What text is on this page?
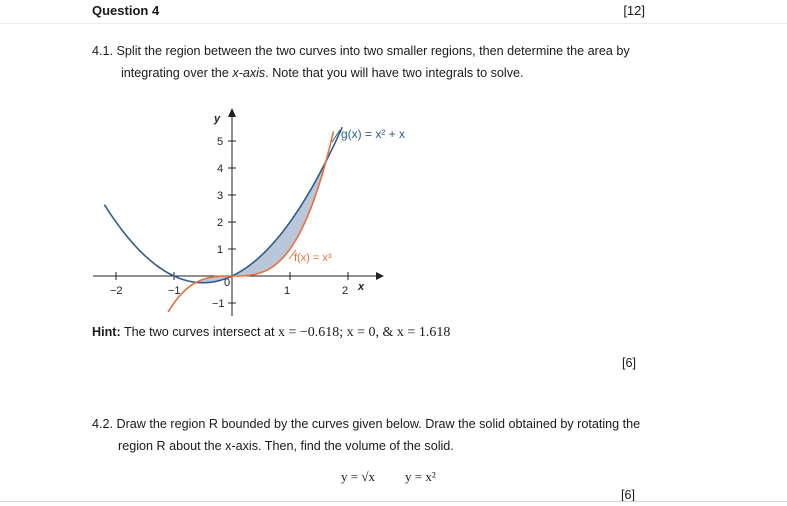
Question 4	[12]
4.1. Split the region between the two curves into two smaller regions, then determine the area by
integrating over the x-axis. Note that you will have two integrals to solve.
−2	−1
0
1	2
5
4
3
2
1
−1
g(x) = x² + x
f(x) = x³
x
y
Hint: The two curves intersect at x = −0.618; x = 0, & x = 1.618
[6]
4.2. Draw the region R bounded by the curves given below. Draw the solid obtained by rotating the
region R about the x-axis. Then, find the volume of the solid.
y = √x y = x²
[6]
